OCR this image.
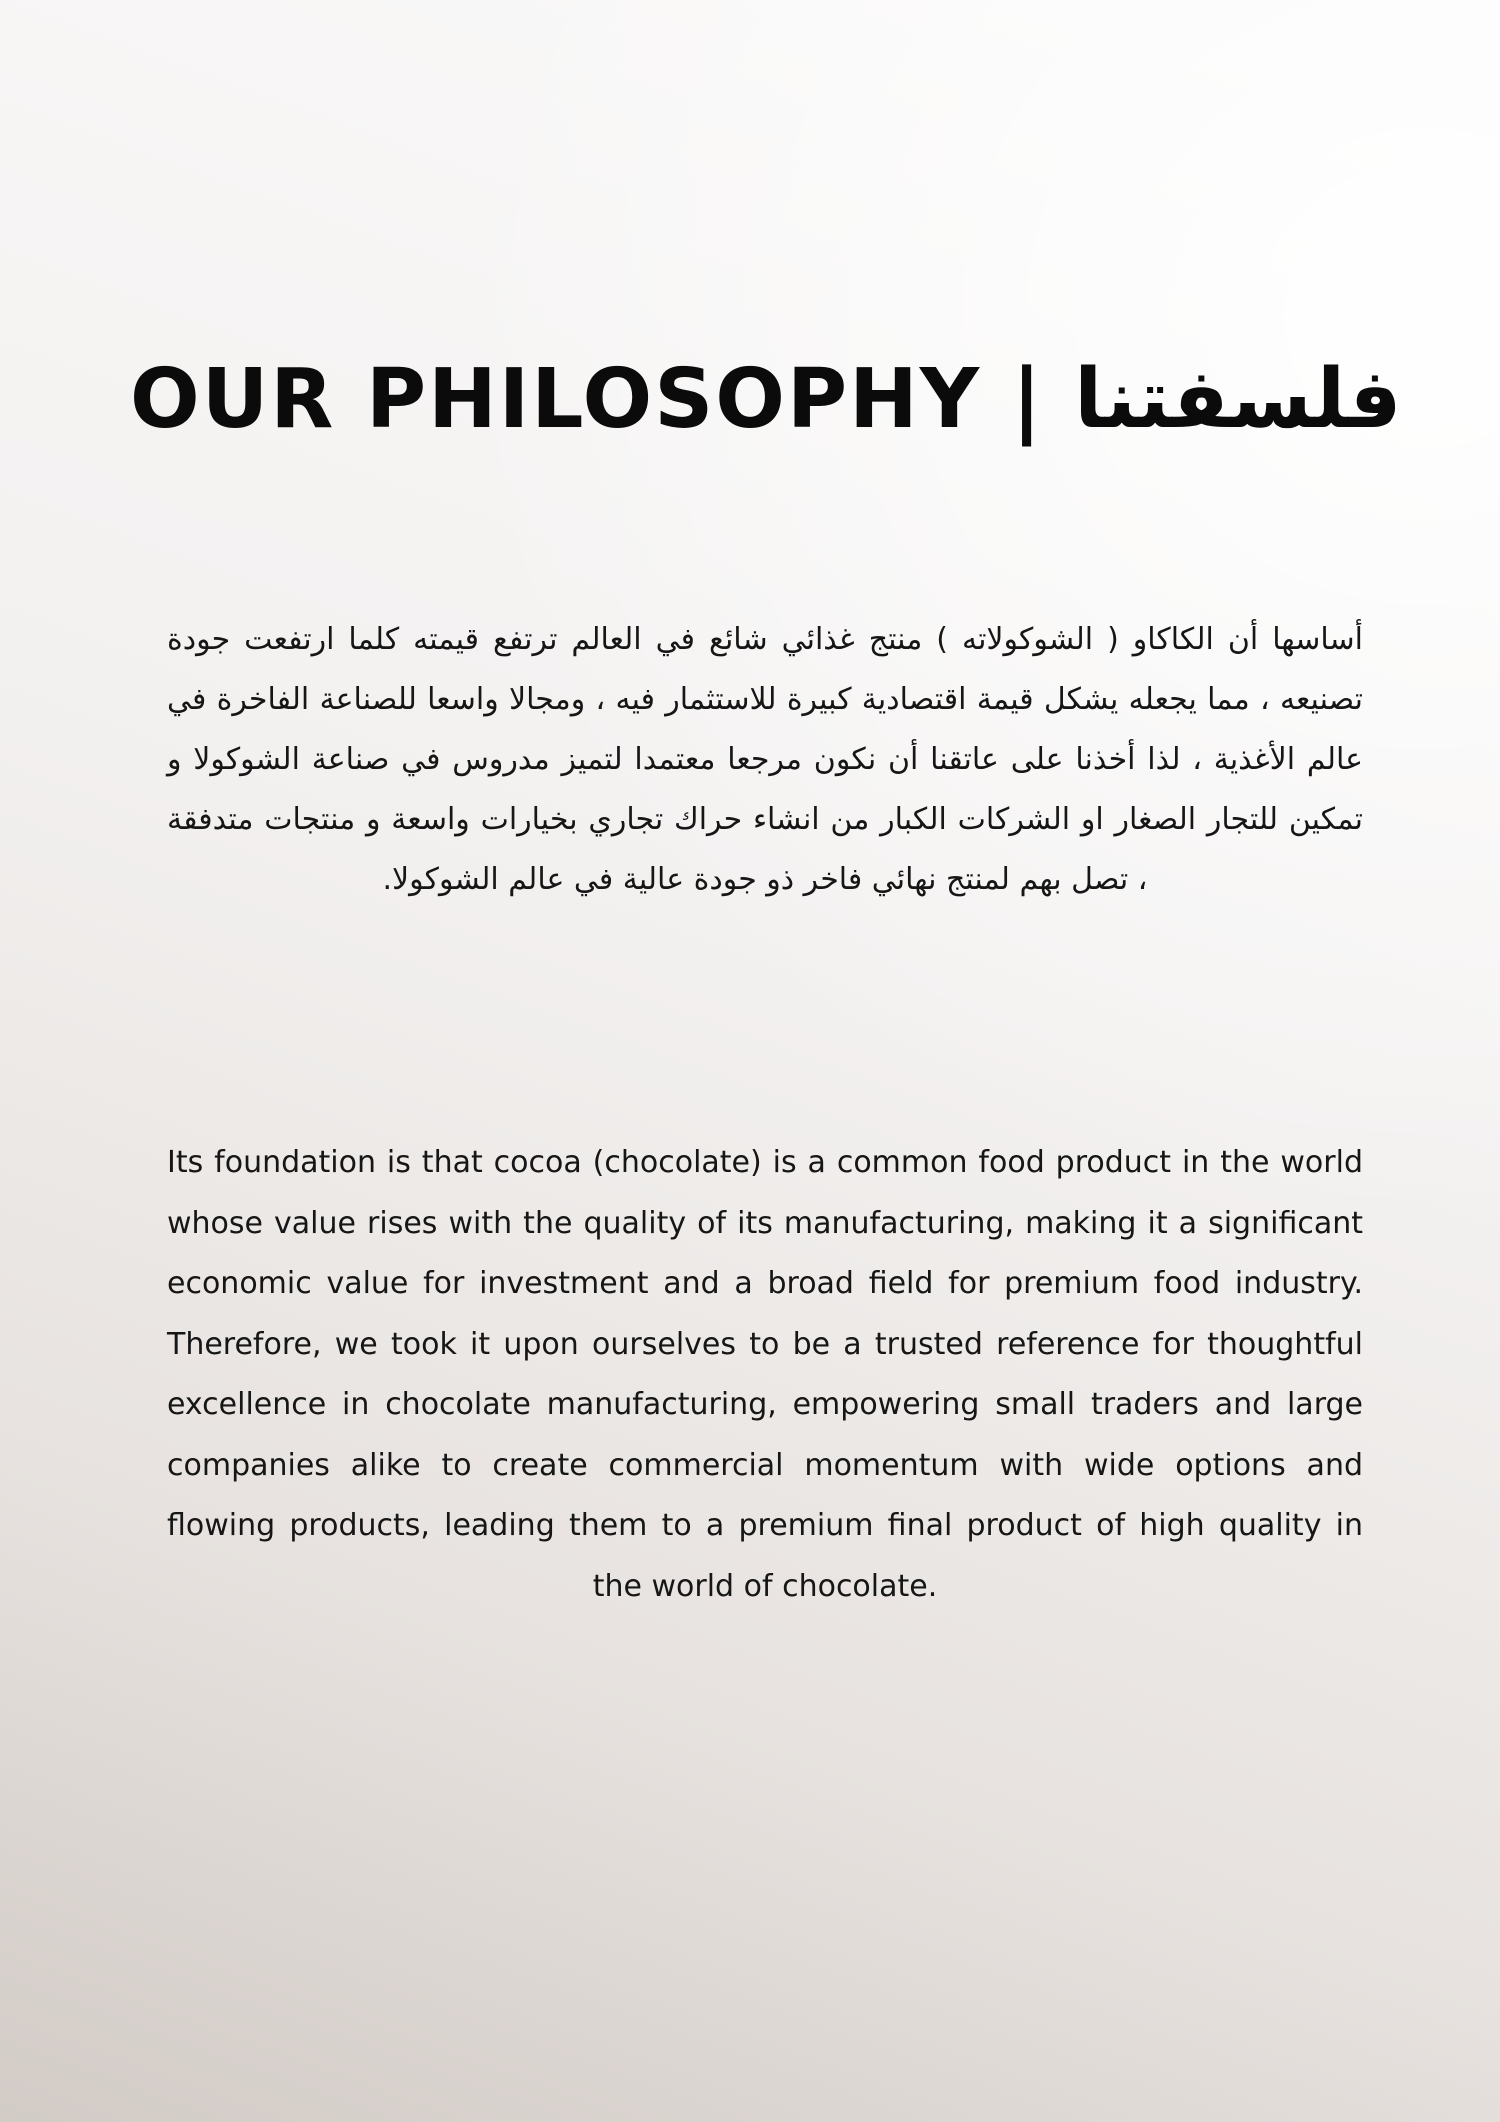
OUR PHILOSOPHY | فلسفتنا

أساسها أن الكاكاو ( الشوكولاته ) منتج غذائي شائع في العالم ترتفع قيمته كلما ارتفعت جودة تصنيعه ، مما يجعله يشكل قيمة اقتصادية كبيرة للاستثمار فيه ، ومجالا واسعا للصناعة الفاخرة في عالم الأغذية ، لذا أخذنا على عاتقنا أن نكون مرجعا معتمدا لتميز مدروس في صناعة الشوكولا و تمكين للتجار الصغار او الشركات الكبار من انشاء حراك تجاري بخيارات واسعة و منتجات متدفقة ، تصل بهم لمنتج نهائي فاخر ذو جودة عالية في عالم الشوكولا.

Its foundation is that cocoa (chocolate) is a common food product in the world whose value rises with the quality of its manufacturing, making it a significant economic value for investment and a broad field for premium food industry. Therefore, we took it upon ourselves to be a trusted reference for thoughtful excellence in chocolate manufacturing, empowering small traders and large companies alike to create commercial momentum with wide options and flowing products, leading them to a premium final product of high quality in the world of chocolate.
